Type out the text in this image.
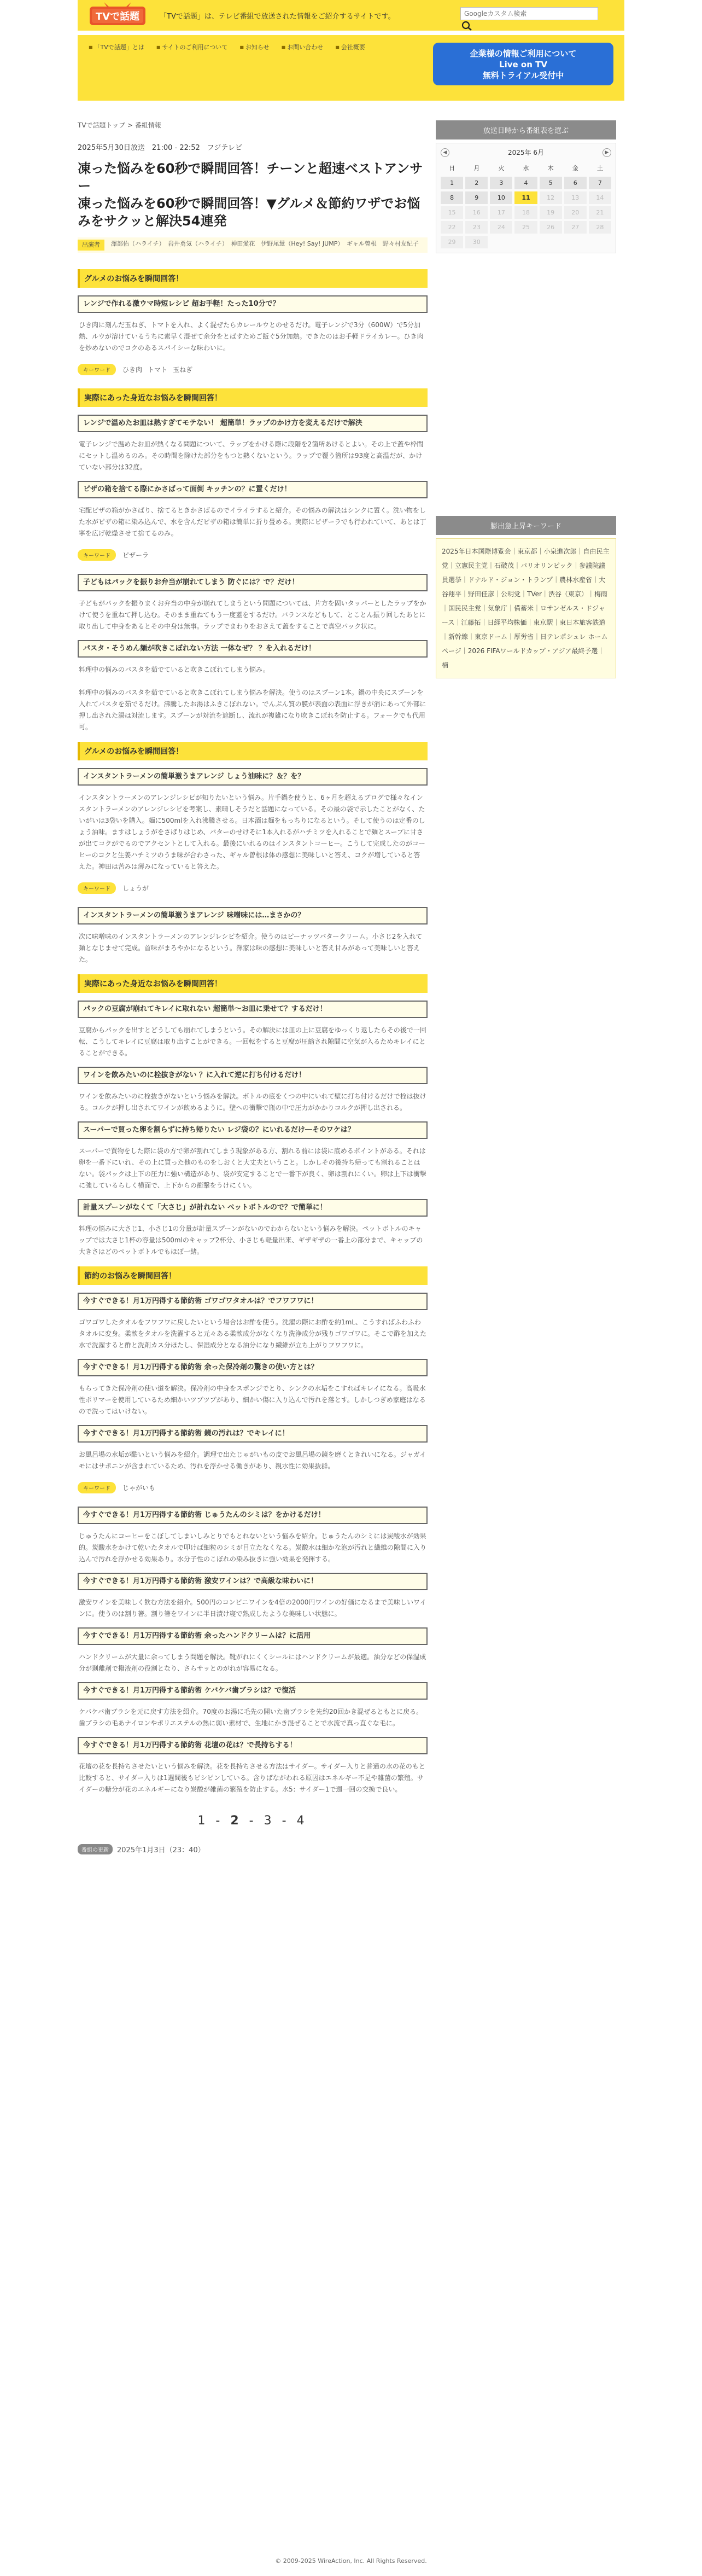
TVで話題	「TVで話題」は、テレビ番組で放送された情報をご紹介するサイトです。
Googleカスタム検索
■ 「TVで話題」とは	■ サイトのご利用について	■ お知らせ	■ お問い合わせ	■ 会社概要
企業様の情報ご利用について
Live on TV
無料トライアル受付中
TVで話題トップ > 番組情報
2025年5月30日放送　21:00 - 22:52　フジテレビ
凍った悩みを60秒で瞬間回答！チーンと超速ベストアンサー
凍った悩みを60秒で瞬間回答！▼グルメ＆節約ワザでお悩みをサクッと解決54連発
出演者	澤部佑（ハライチ）　岩井勇気（ハライチ）　神田愛花　伊野尾慧（Hey! Say! JUMP）　ギャル曽根　野々村友紀子
グルメのお悩みを瞬間回答！
レンジで作れる激ウマ時短レシピ 超お手軽！たった10分で？

ひき肉に刻んだ玉ねぎ、トマトを入れ、よく混ぜたらカレールウとのせるだけ。電子レンジで3分（600W）で5分加熱、ルウが溶けているうちに素早く混ぜて余分をとばすためご飯ぐ5分加熱。できたのはお手軽ドライカレー。ひき肉を炒めないのでコクのあるスパイシーな味わいに。

キーワード	ひき肉 トマト 玉ねぎ
実際にあった身近なお悩みを瞬間回答！
レンジで温めたお皿は熱すぎてモテない！ 超簡単！ラップのかけ方を変えるだけで解決

電子レンジで温めたお皿が熱くなる問題について、ラップをかける際に段階を2箇所あけるとよい。その上で蓋や枠間にセットし温めるのみ。その時間を除けた部分をもつと熱くないという。ラップで覆う箇所は93度と高温だが、かけていない部分は32度。

ピザの箱を捨てる際にかさばって面倒 キッチンの？に置くだけ！

宅配ピザの箱がかさばり、捨てるときかさばるのでイライラすると紹介。その悩みの解決はシンクに置く。洗い物をした水がピザの箱に染み込んで、水を含んだピザの箱は簡単に折り畳める。実際にピザーラでも行われていて、あとは丁寧を広げ乾燥させて捨てるのみ。

キーワード	ピザーラ
子どもはパックを振りお弁当が崩れてしまう 防ぐには？で？だけ！

子どもがパックを振りまくお弁当の中身が崩れてしまうという問題については、片方を固いタッパーとしたラップをかけて使うを重ねて押し込む。そのまま重ねてもう一度蓋をするだけ。バランスなどもして、とことん振り回したあとに取り出して中身をあるとその中身は無事。ラップでまわりをおさえて蓋をすることで真空パック状に。

パスタ・そうめん麺が吹きこぼれない方法 一体なぜ？ ？を入れるだけ！

料理中の悩みのパスタを茹でていると吹きこぼれてしまう悩み。

料理中の悩みのパスタを茹でていると吹きこぼれてしまう悩みを解決。使うのはスプーン1本。鍋の中央にスプーンを入れてパスタを茹でるだけ。沸騰したお湯はふきこぼれない。でんぷん質の膜が表面の表面に浮きが消にあって外部に押し出された湯は対流します。スプーンが対流を遮断し、流れが複雑になり吹きこぼれを防止する。フォークでも代用可。

グルメのお悩みを瞬間回答！
インスタントラーメンの簡単激うまアレンジ しょう油味に？＆？を？

インスタントラーメンのアレンジレシピが知りたいという悩み。片手鍋を使うと、6ヶ月を超えるブログで様々なインスタントラーメンのアレンジレシピを考案し、素晴しそうだと話題になっている。その最の袋で示したことがなく、たいがいは3袋いを購入。麺に500mlを入れ沸騰させる。日本酒は麺をもっちりになるという。そして使うのは定番のしょう油味。ますはしょうがをさばりはじめ、バターのせけそに1本入れるがハチミツを入れることで麺とスープに甘さが出てコクがでるのでアクセントとして入れる。最後にいれるのはインスタントコーヒー。こうして完成したのがコーヒーのコクと生姜ハチミツのうま味が合わさった、ギャル曽根は体の感想に美味しいと答え、コクが増していると答えた。神田は苦みは薄みになっていると答えた。

キーワード	しょうが
インスタントラーメンの簡単激うまアレンジ 味噌味には…まさかの？

次に味噌味のインスタントラーメンのアレンジレシピを紹介。使うのはピーナッツバタークリーム。小さじ2を入れて麺となじませて完成。首味がまろやかになるという。澤家は味の感想に美味しいと答え甘みがあって美味しいと答えた。

実際にあった身近なお悩みを瞬間回答！
パックの豆腐が崩れてキレイに取れない 超簡単～お皿に乗せて？するだけ！

豆腐からパックを出すとどうしても崩れてしまうという。その解決には皿の上に豆腐をゆっくり返したらその後で一回転、こうしてキレイに豆腐は取り出すことができる。一回転をすると豆腐が圧縮され隙間に空気が入るためキレイにとることができる。

ワインを飲みたいのに栓抜きがない ？に入れて逆に打ち付けるだけ！

ワインを飲みたいのに栓抜きがないという悩みを解決。ボトルの底をくつの中にいれて壁に打ち付けるだけで栓は抜ける。コルクが押し出されてワインが飲めるように。壁への衝撃で瓶の中で圧力がかかりコルクが押し出される。

スーパーで買った卵を割らずに持ち帰りたい レジ袋の？にいれるだけ―そのワケは？

スーパーで買物をした際に袋の方で卵が割れてしまう現象がある方、割れる前には袋に底めるポイントがある。それは卵を一番下にいれ、その上に買った他のものをしおくと大丈夫ということ。しかしその後持ち帰っても割れることはない。袋パックは上下の圧力に強い構造があり、袋が安定することで一番下が良く、卵は割れにくい。卵は上下は衝撃に強しているらしく横面で、上下からの衝撃をうけにくい。

計量スプーンがなくて「大さじ」が計れない ペットボトルので？で簡単に！

料理の悩みに大さじ1、小さじ1の分量が計量スプーンがないのでわからないという悩みを解決。ペットボトルのキャップでは大さじ1杯の容量は500mlのキャップ2杯分、小さじも軽量出来、ギザギザの一番上の部分まで、キャップの大きさはどのペットボトルでもほぼ一緒。

節約のお悩みを瞬間回答！
今すぐできる！月1万円得する節約術 ゴワゴワタオルは？でフワフワに！

ゴワゴワしたタオルをフワフワに戻したいという場合はお酢を使う。洗濯の際にお酢を約1mL、こうすればふわふわタオルに変身。柔軟をタオルを洗濯すると元々ある柔軟成分がなくなり洗浄成分が残りゴワゴワに。そこで酢を加えた水で洗濯すると酢と洗剤カス分ほたし、保湿成分となる油分になり繊維が立ち上がりフワフワに。

今すぐできる！月1万円得する節約術 余った保冷剤の驚きの使い方とは？

もらってきた保冷剤の使い道を解決。保冷剤の中身をスポンジでとり、シンクの水垢をこすればキレイになる。高吸水性ポリマーを使用しているため細かいツブツブがあり、細かい傷に入り込んで汚れを落とす。しかしつぎめ家庭はなるので洗ってはいけない。

今すぐできる！月1万円得する節約術 鏡の汚れは？でキレイに！

お風呂場の水垢が酷いという悩みを紹介。調理で出たじゃがいもの皮でお風呂場の鏡を磨くときれいになる。ジャガイモにはサポニンが含まれているため、汚れを浮かせる働きがあり、親水性に効果抜群。

キーワード	じゃがいも
今すぐできる！月1万円得する節約術 じゅうたんのシミは？をかけるだけ！

じゅうたんにコーヒーをこぼしてしまいしみとりでもとれないという悩みを紹介。じゅうたんのシミには炭酸水が効果的。炭酸水をかけて乾いたタオルで叩けば細粒のシミが目立たなくなる。炭酸水は細かな泡が汚れと繊維の隙間に入り込んで汚れを浮かせる効果あり。水分子性のこぼれの染み抜きに強い効果を発揮する。

今すぐできる！月1万円得する節約術 激安ワインは？で高級な味わいに！

激安ワインを美味しく飲む方法を紹介。500円のコンビニワインを4倍の2000円ワインの好価になるまで美味しいワインに。使うのは割り箸。割り箸をワインに半日漬け寝で熟成したような美味しい状態に。

今すぐできる！月1万円得する節約術 余ったハンドクリームは？に活用

ハンドクリームが大量に余ってしまう問題を解決。靴がれにくくシールにはハンドクリームが最適。油分などの保湿成分が剥離剤で撥液剤の役割となり、さらサッとのがれが容易になる。

今すぐできる！月1万円得する節約術 ケバケバ歯ブラシは？で復活

ケバケバ歯ブラシを元に戻す方法を紹介。70度のお湯に毛先の開いた歯ブラシを先約20回かき混ぜるともとに戻る。歯ブラシの毛あナイロンやポリエステルの熱に弱い素材で、生地にかき混ぜることで水流で真っ直ぐな毛に。

今すぐできる！月1万円得する節約術 花壇の花は？で長持ちする！

花壇の花を長持ちさせたいという悩みを解決。花を長持ちさせる方法はサイダー。サイダー入りと普通の水の花のもと比較すると、サイダー入りは1週間後もピシピンしている。含りばながわれる原因はエネルギー不足や雑菌の繁殖。サイダーの糖分が花のエネルギーになり炭酸が雑菌の繁殖を防止する。水5：サイダー1で週一回の交換で良い。

1 - 2 - 3 - 4
番組の更新	2025年1月3日（23：40）
放送日時から番組表を選ぶ
◀	2025年 6月	▶
日	月	火	水	木	金	土
1	2	3	4	5	6	7
8	9	10	11	12	13	14
15	16	17	18	19	20	21
22	23	24	25	26	27	28
29	30
膨出急上昇キーワード
2025年日本国際博覧会｜東京都｜小泉進次郎｜自由民主党｜立憲民主党｜石破茂｜パリオリンピック｜参議院議員選挙｜ドナルド・ジョン・トランプ｜農林水産省｜大谷翔平｜野田佳彦｜公明党｜TVer｜渋谷（東京）｜梅雨｜国民民主党｜気象庁｜備蓄米｜ロサンゼルス・ドジャース｜江藤拓｜日経平均株価｜東京駅｜東日本旅客鉄道｜新幹線｜東京ドーム｜厚労省｜日テレポシュレ ホームページ｜2026 FIFAワールドカップ・アジア最終予選｜楠
© 2009-2025 WireAction, Inc. All Rights Reserved.
